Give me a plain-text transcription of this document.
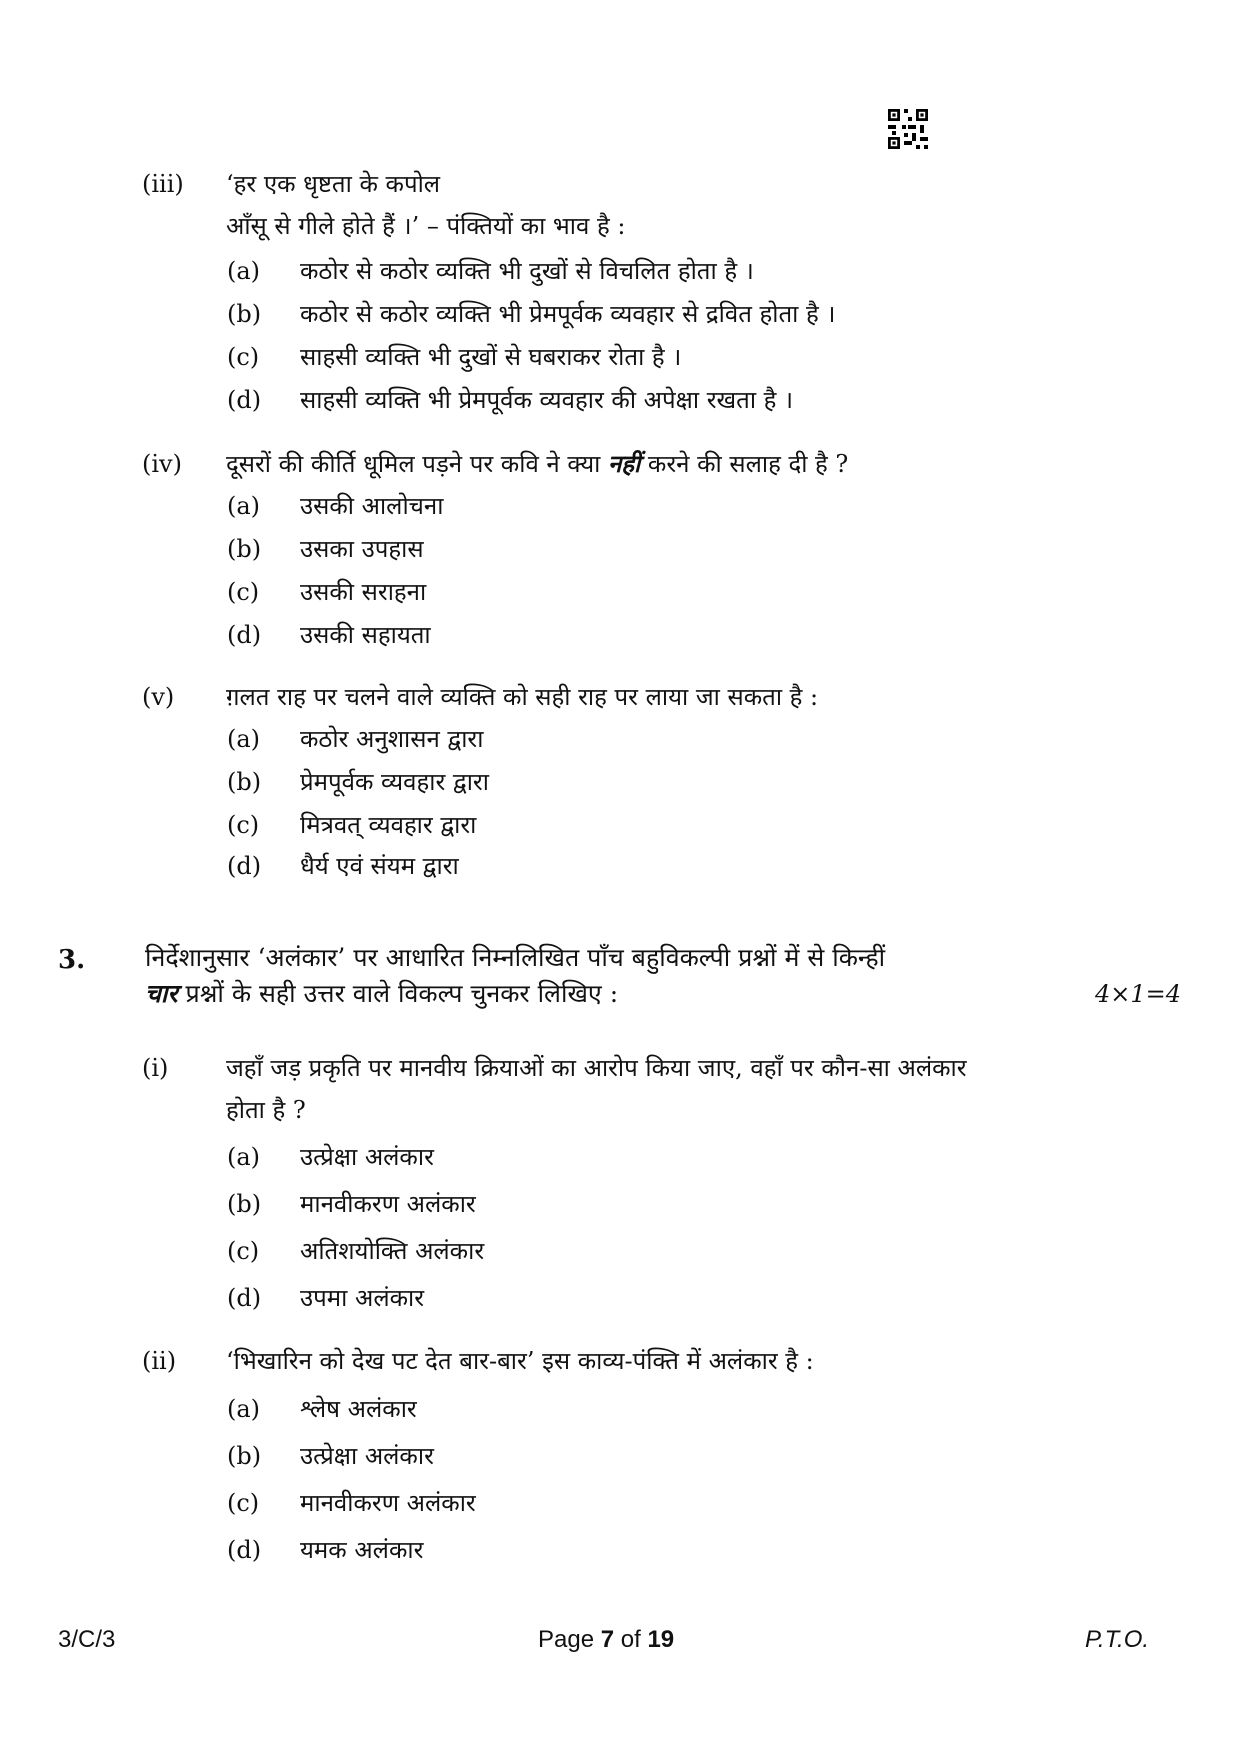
(iii) ‘हर एक धृष्टता के कपोल
आँसू से गीले होते हैं ।’ – पंक्तियों का भाव है :
(a) कठोर से कठोर व्यक्ति भी दुखों से विचलित होता है ।
(b) कठोर से कठोर व्यक्ति भी प्रेमपूर्वक व्यवहार से द्रवित होता है ।
(c) साहसी व्यक्ति भी दुखों से घबराकर रोता है ।
(d) साहसी व्यक्ति भी प्रेमपूर्वक व्यवहार की अपेक्षा रखता है ।
(iv) दूसरों की कीर्ति धूमिल पड़ने पर कवि ने क्या नहीं करने की सलाह दी है ?
(a) उसकी आलोचना
(b) उसका उपहास
(c) उसकी सराहना
(d) उसकी सहायता
(v) ग़लत राह पर चलने वाले व्यक्ति को सही राह पर लाया जा सकता है :
(a) कठोर अनुशासन द्वारा
(b) प्रेमपूर्वक व्यवहार द्वारा
(c) मित्रवत् व्यवहार द्वारा
(d) धैर्य एवं संयम द्वारा
3. निर्देशानुसार ‘अलंकार’ पर आधारित निम्नलिखित पाँच बहुविकल्पी प्रश्नों में से किन्हीं
चार प्रश्नों के सही उत्तर वाले विकल्प चुनकर लिखिए :	4×1=4
(i) जहाँ जड़ प्रकृति पर मानवीय क्रियाओं का आरोप किया जाए, वहाँ पर कौन-सा अलंकार
होता है ?
(a) उत्प्रेक्षा अलंकार
(b) मानवीकरण अलंकार
(c) अतिशयोक्ति अलंकार
(d) उपमा अलंकार
(ii) ‘भिखारिन को देख पट देत बार-बार’ इस काव्य-पंक्ति में अलंकार है :
(a) श्लेष अलंकार
(b) उत्प्रेक्षा अलंकार
(c) मानवीकरण अलंकार
(d) यमक अलंकार
3/C/3	Page 7 of 19	P.T.O.
